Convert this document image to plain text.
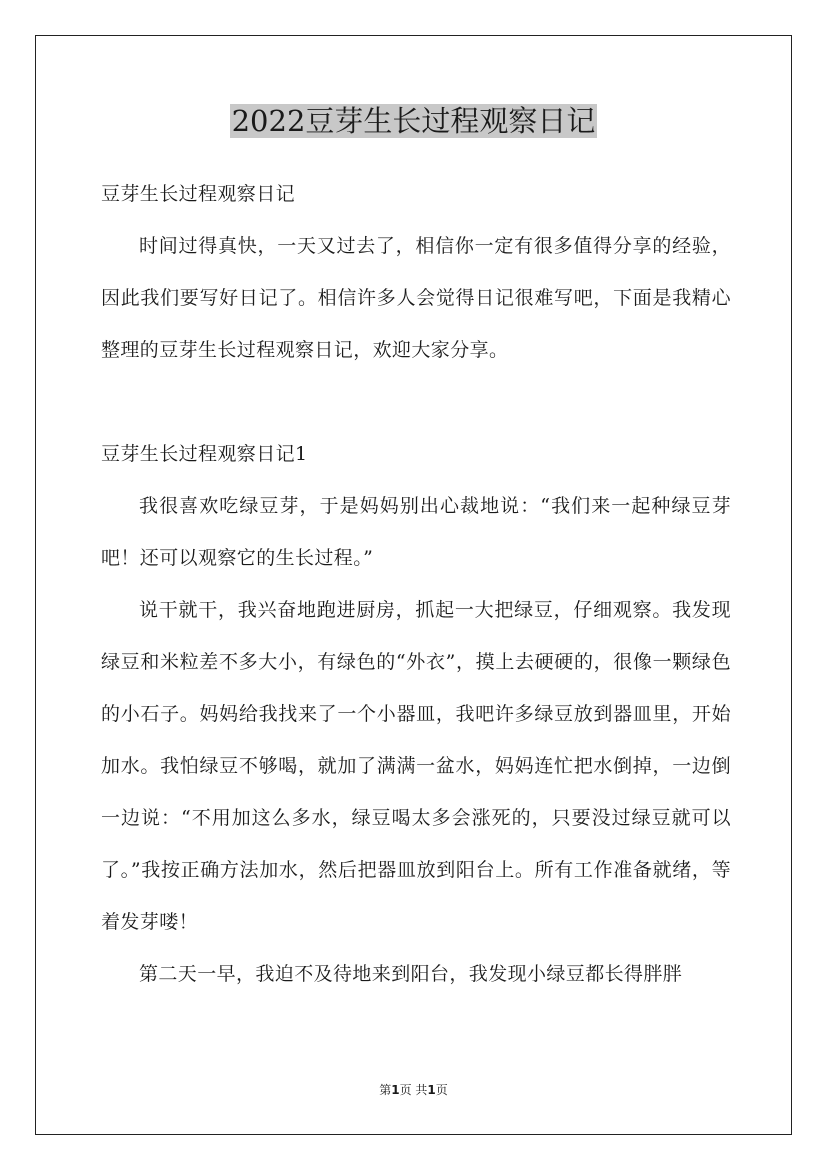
2022豆芽生长过程观察日记

豆芽生长过程观察日记

时间过得真快，一天又过去了，相信你一定有很多值得分享的经验，因此我们要写好日记了。相信许多人会觉得日记很难写吧，下面是我精心整理的豆芽生长过程观察日记，欢迎大家分享。

豆芽生长过程观察日记1

我很喜欢吃绿豆芽，于是妈妈别出心裁地说：“我们来一起种绿豆芽吧！还可以观察它的生长过程。”

说干就干，我兴奋地跑进厨房，抓起一大把绿豆，仔细观察。我发现绿豆和米粒差不多大小，有绿色的“外衣”，摸上去硬硬的，很像一颗绿色的小石子。妈妈给我找来了一个小器皿，我吧许多绿豆放到器皿里，开始加水。我怕绿豆不够喝，就加了满满一盆水，妈妈连忙把水倒掉，一边倒一边说：“不用加这么多水，绿豆喝太多会涨死的，只要没过绿豆就可以了。”我按正确方法加水，然后把器皿放到阳台上。所有工作准备就绪，等着发芽喽！

第二天一早，我迫不及待地来到阳台，我发现小绿豆都长得胖胖

第1页 共1页
